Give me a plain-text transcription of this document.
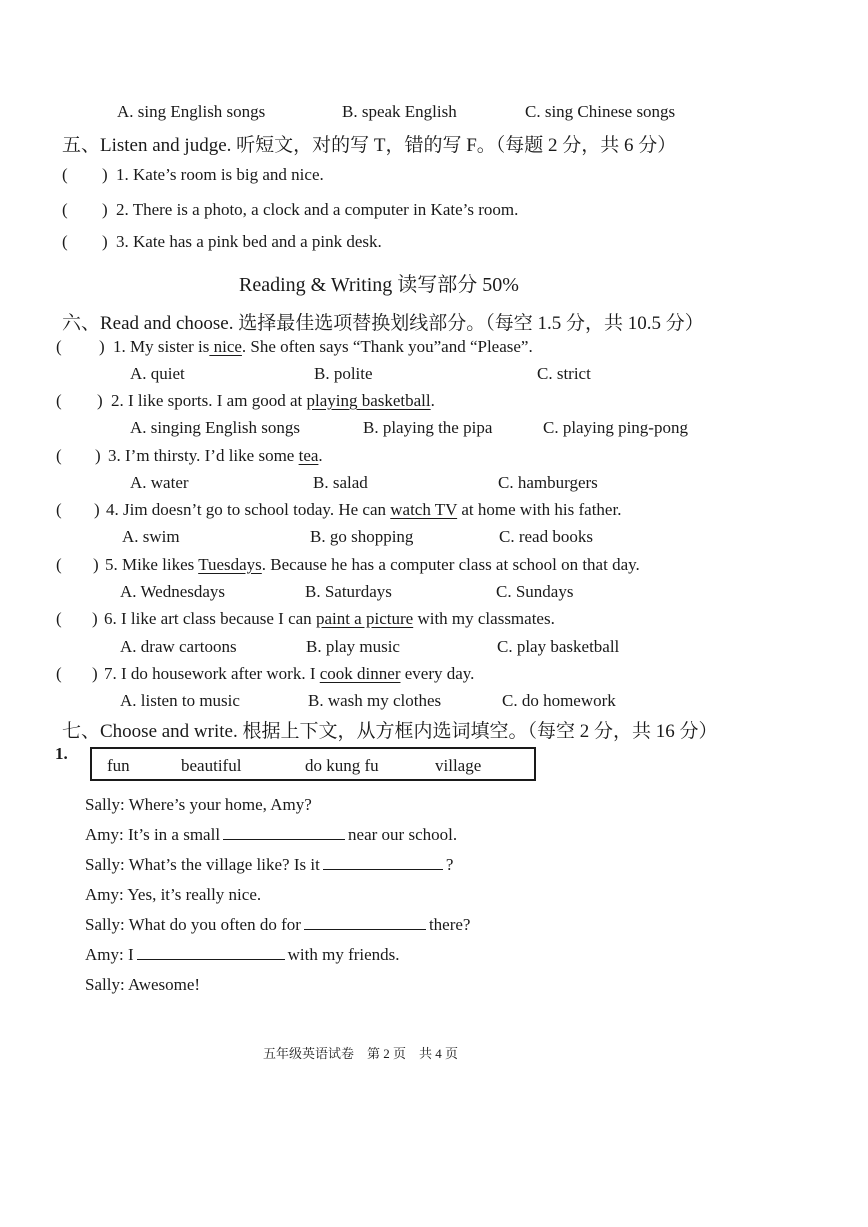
A. sing English songs	B. speak English	C. sing Chinese songs
五、Listen and judge. 听短文，对的写 T，错的写 F。（每题 2 分，共 6 分）
( ) 1. Kate’s room is big and nice.
( ) 2. There is a photo, a clock and a computer in Kate’s room.
( ) 3. Kate has a pink bed and a pink desk.
Reading & Writing 读写部分 50%
六、Read and choose. 选择最佳选项替换划线部分。（每空 1.5 分，共 10.5 分）
( ) 1. My sister is nice. She often says “Thank you”and “Please”.
A. quiet	B. polite	C. strict
( ) 2. I like sports. I am good at playing basketball.
A. singing English songs	B. playing the pipa	C. playing ping-pong
( ) 3. I’m thirsty. I’d like some tea.
A. water	B. salad	C. hamburgers
( ) 4. Jim doesn’t go to school today. He can watch TV at home with his father.
A. swim	B. go shopping	C. read books
( ) 5. Mike likes Tuesdays. Because he has a computer class at school on that day.
A. Wednesdays	B. Saturdays	C. Sundays
( ) 6. I like art class because I can paint a picture with my classmates.
A. draw cartoons	B. play music	C. play basketball
( ) 7. I do housework after work. I cook dinner every day.
A. listen to music	B. wash my clothes	C. do homework
七、Choose and write. 根据上下文，从方框内选词填空。（每空 2 分，共 16 分）
1.
fun	beautiful	do kung fu	village
Sally: Where’s your home, Amy?
Amy: It’s in a small	near our school.
Sally: What’s the village like? Is it	?
Amy: Yes, it’s really nice.
Sally: What do you often do for	there?
Amy: I	with my friends.
Sally: Awesome!
五年级英语试卷　第 2 页　共 4 页
